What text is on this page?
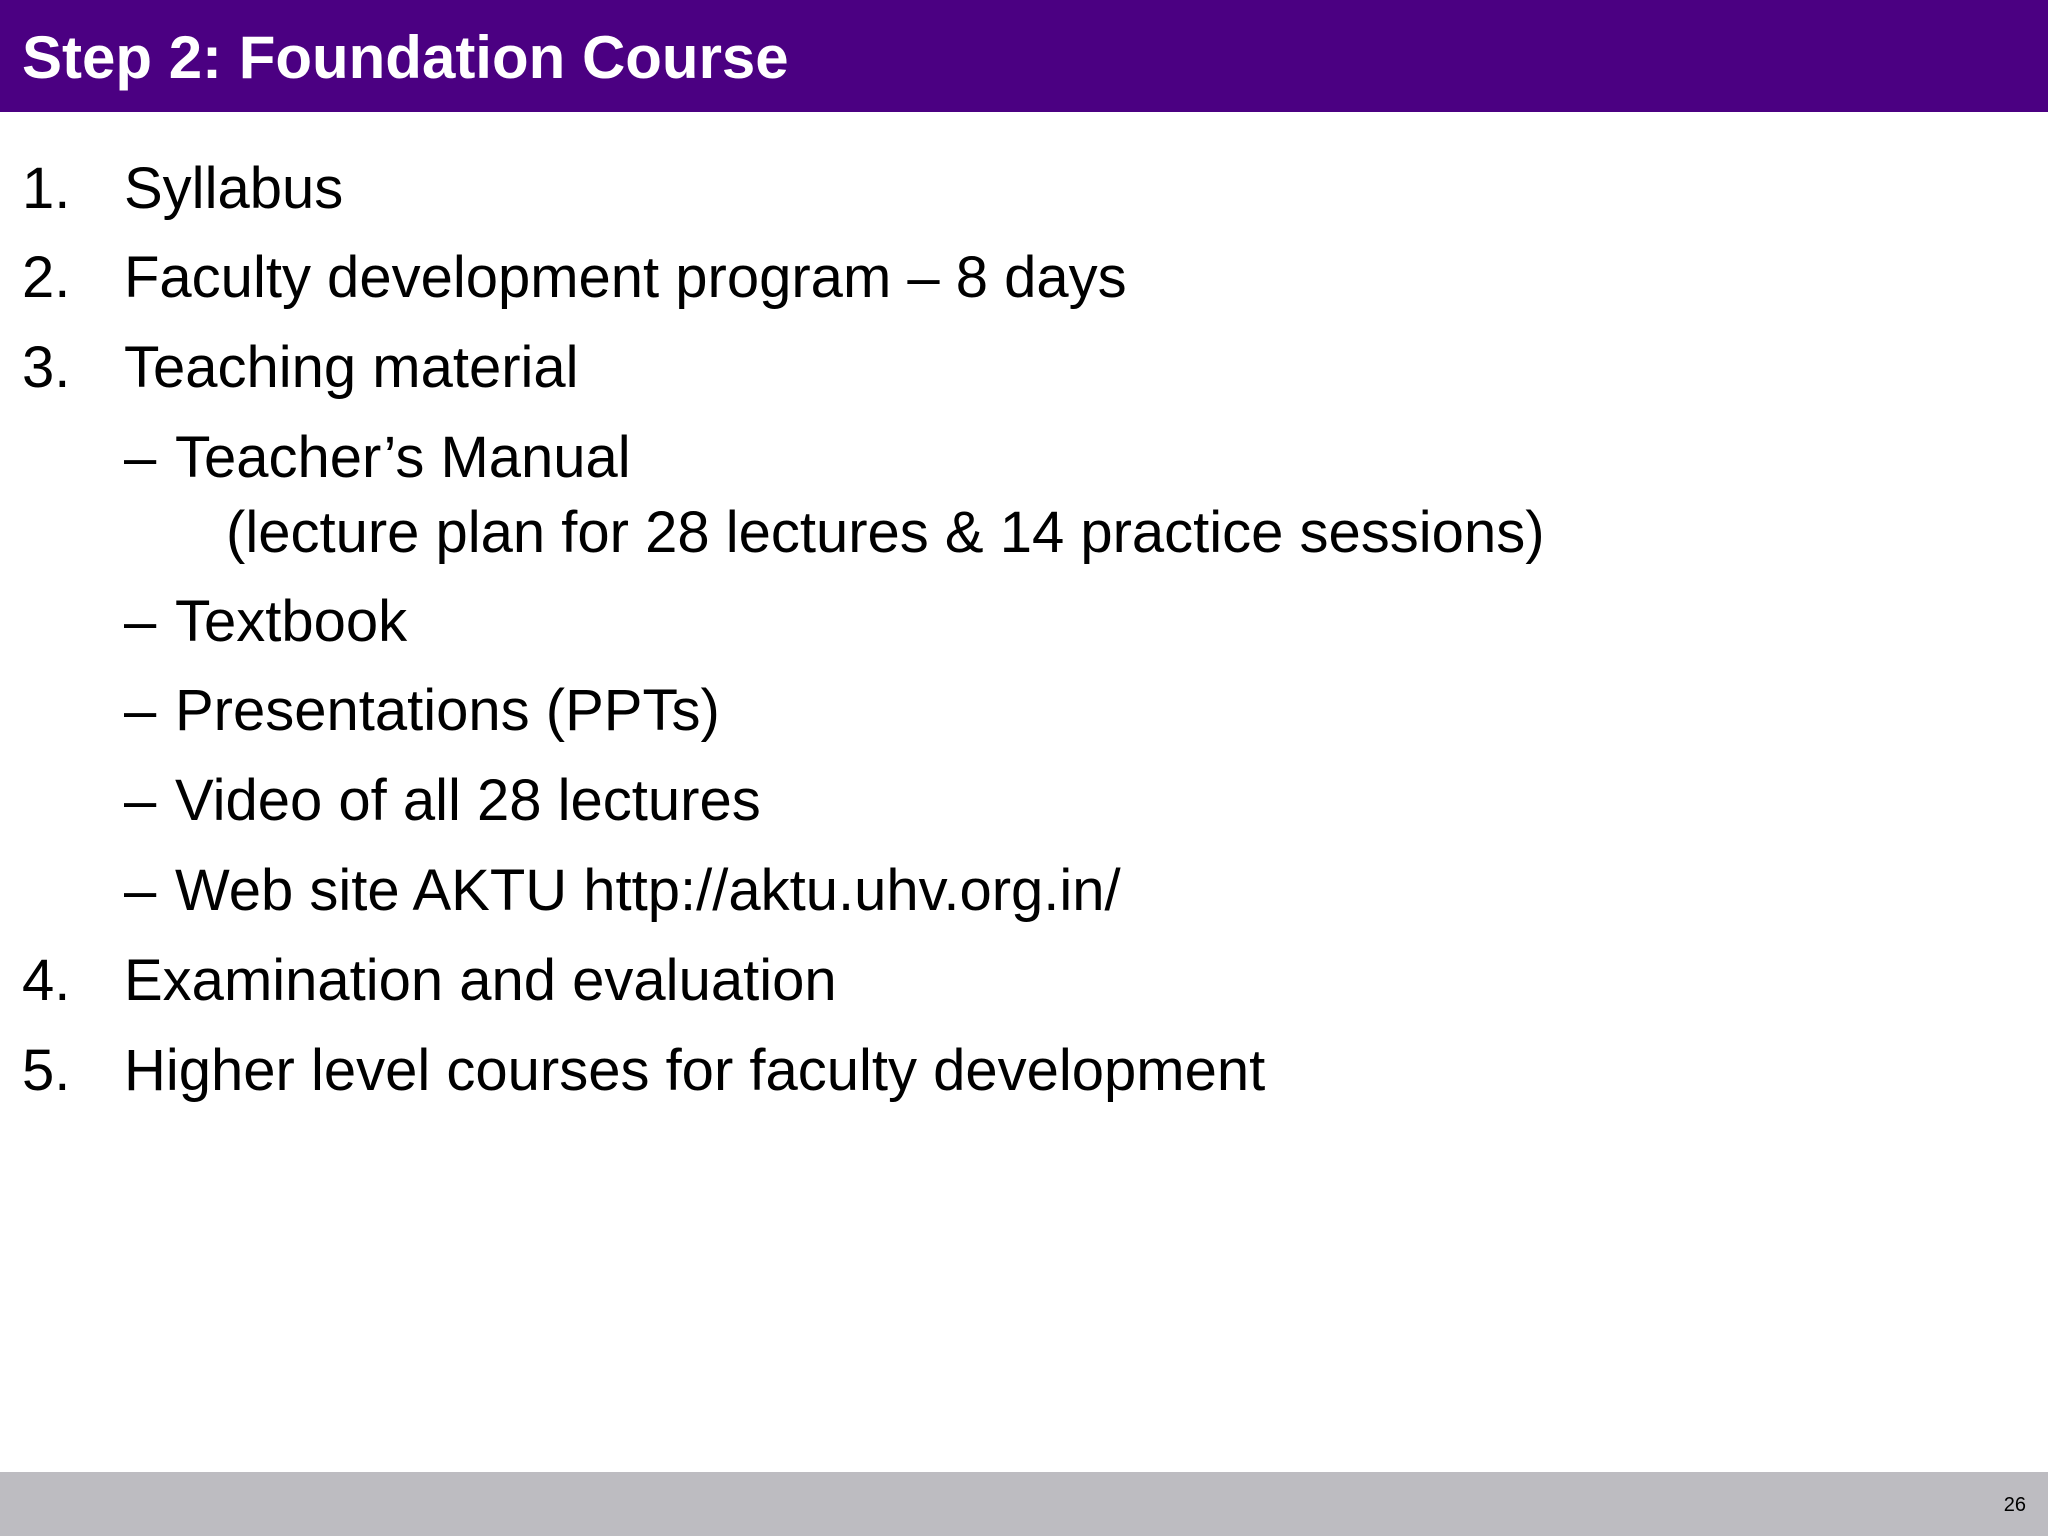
Step 2: Foundation Course
1. Syllabus
2. Faculty development program – 8 days
3. Teaching material
– Teacher’s Manual
(lecture plan for 28 lectures & 14 practice sessions)
– Textbook
– Presentations (PPTs)
– Video of all 28 lectures
– Web site AKTU http://aktu.uhv.org.in/
4. Examination and evaluation
5. Higher level courses for faculty development
26
